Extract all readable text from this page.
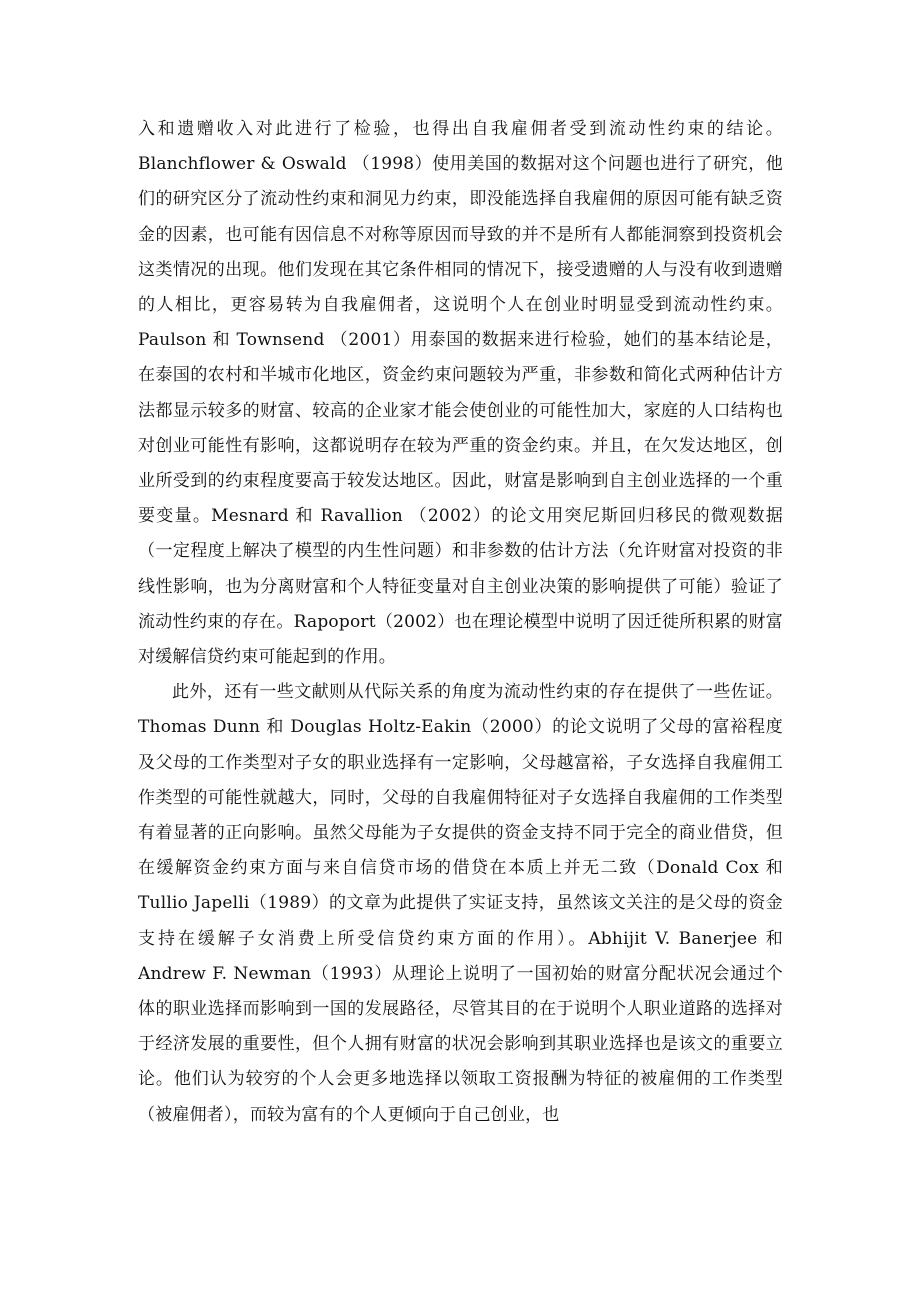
入和遗赠收入对此进行了检验，也得出自我雇佣者受到流动性约束的结论。Blanchflower & Oswald （1998）使用美国的数据对这个问题也进行了研究，他们的研究区分了流动性约束和洞见力约束，即没能选择自我雇佣的原因可能有缺乏资金的因素，也可能有因信息不对称等原因而导致的并不是所有人都能洞察到投资机会这类情况的出现。他们发现在其它条件相同的情况下，接受遗赠的人与没有收到遗赠的人相比，更容易转为自我雇佣者，这说明个人在创业时明显受到流动性约束。Paulson 和 Townsend （2001）用泰国的数据来进行检验，她们的基本结论是，在泰国的农村和半城市化地区，资金约束问题较为严重，非参数和简化式两种估计方法都显示较多的财富、较高的企业家才能会使创业的可能性加大，家庭的人口结构也对创业可能性有影响，这都说明存在较为严重的资金约束。并且，在欠发达地区，创业所受到的约束程度要高于较发达地区。因此，财富是影响到自主创业选择的一个重要变量。Mesnard 和 Ravallion （2002）的论文用突尼斯回归移民的微观数据（一定程度上解决了模型的内生性问题）和非参数的估计方法（允许财富对投资的非线性影响，也为分离财富和个人特征变量对自主创业决策的影响提供了可能）验证了流动性约束的存在。Rapoport（2002）也在理论模型中说明了因迁徙所积累的财富对缓解信贷约束可能起到的作用。

此外，还有一些文献则从代际关系的角度为流动性约束的存在提供了一些佐证。Thomas Dunn 和 Douglas Holtz-Eakin（2000）的论文说明了父母的富裕程度及父母的工作类型对子女的职业选择有一定影响，父母越富裕，子女选择自我雇佣工作类型的可能性就越大，同时，父母的自我雇佣特征对子女选择自我雇佣的工作类型有着显著的正向影响。虽然父母能为子女提供的资金支持不同于完全的商业借贷，但在缓解资金约束方面与来自信贷市场的借贷在本质上并无二致（Donald Cox 和 Tullio Japelli（1989）的文章为此提供了实证支持，虽然该文关注的是父母的资金支持在缓解子女消费上所受信贷约束方面的作用）。Abhijit V. Banerjee 和 Andrew F. Newman（1993）从理论上说明了一国初始的财富分配状况会通过个体的职业选择而影响到一国的发展路径，尽管其目的在于说明个人职业道路的选择对于经济发展的重要性，但个人拥有财富的状况会影响到其职业选择也是该文的重要立论。他们认为较穷的个人会更多地选择以领取工资报酬为特征的被雇佣的工作类型（被雇佣者），而较为富有的个人更倾向于自己创业，也
